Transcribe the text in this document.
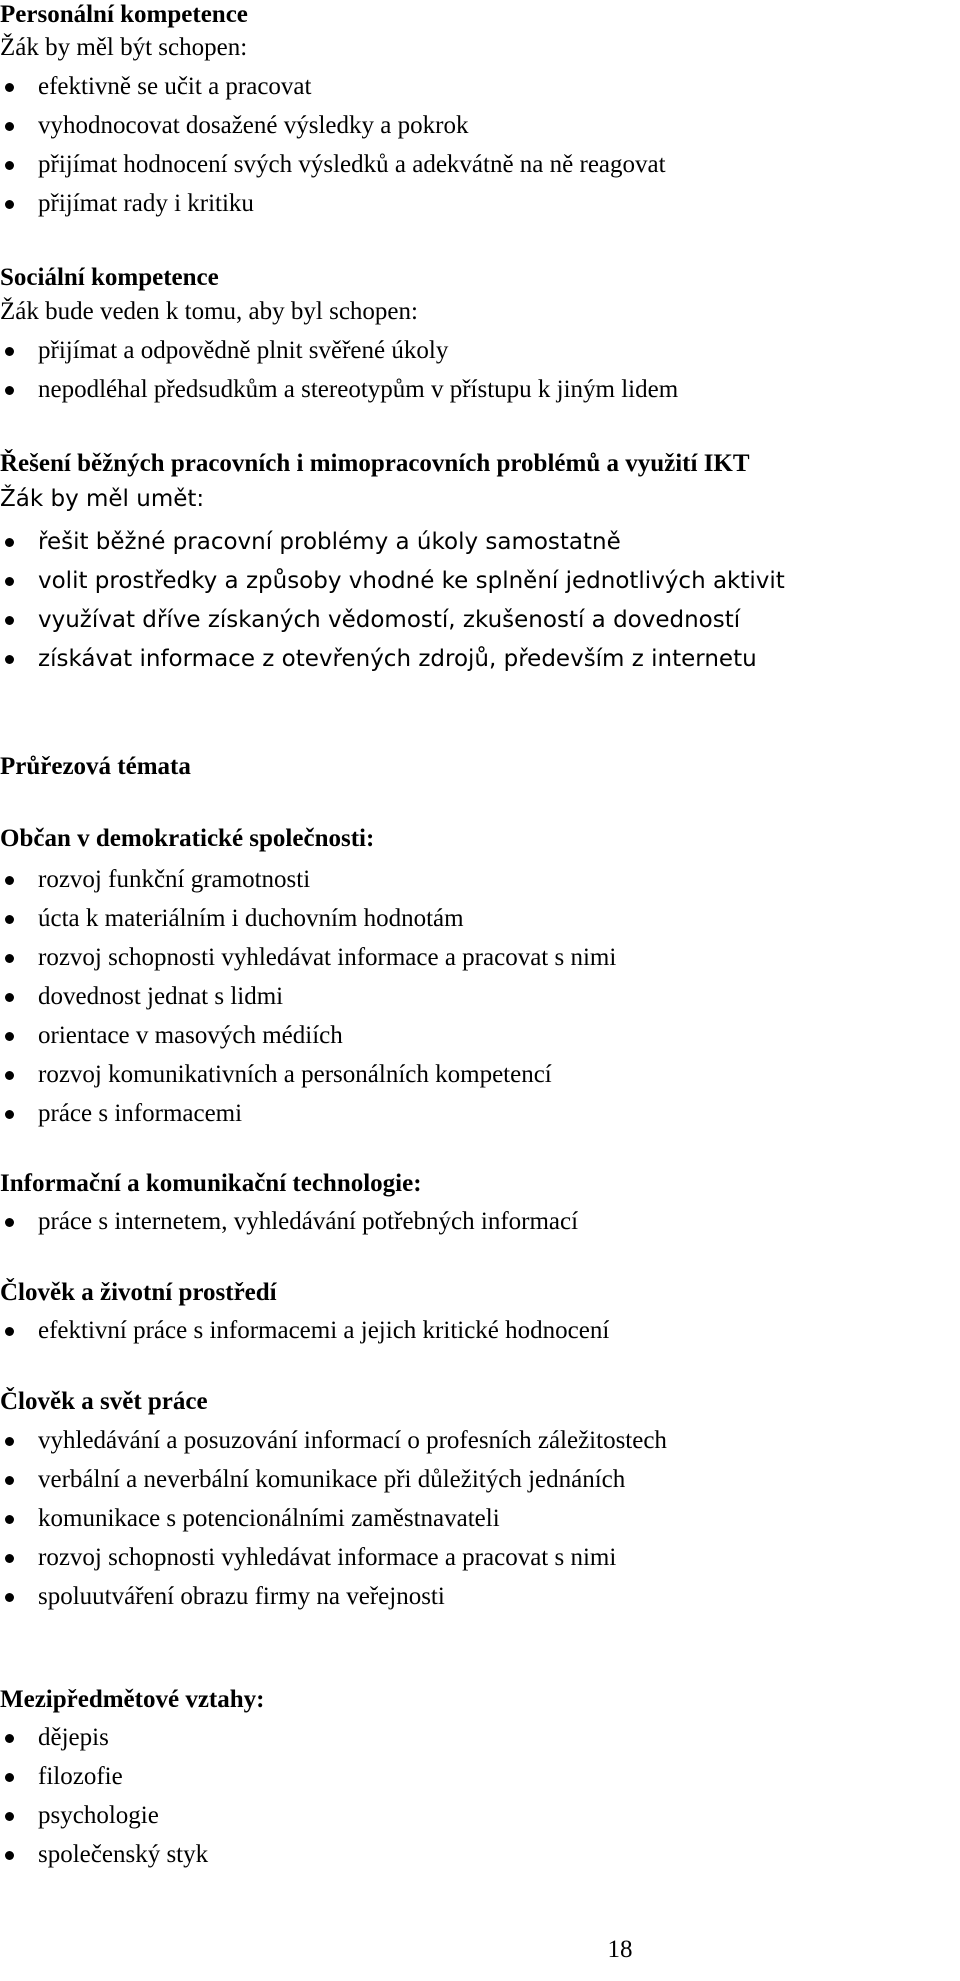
Personální kompetence
Žák by měl být schopen:
efektivně se učit a pracovat
vyhodnocovat dosažené výsledky a pokrok
přijímat hodnocení svých výsledků a adekvátně na ně reagovat
přijímat rady i kritiku
Sociální kompetence
Žák bude veden k tomu, aby byl schopen:
přijímat a odpovědně plnit svěřené úkoly
nepodléhal předsudkům a stereotypům v přístupu k jiným lidem
Řešení běžných pracovních i mimopracovních problémů a využití IKT
Žák by měl umět:
řešit běžné pracovní problémy a úkoly samostatně
volit prostředky a způsoby vhodné ke splnění jednotlivých aktivit
využívat dříve získaných vědomostí, zkušeností a dovedností
získávat informace z otevřených zdrojů, především z internetu
Průřezová témata
Občan v demokratické společnosti:
rozvoj funkční gramotnosti
úcta k materiálním i duchovním hodnotám
rozvoj schopnosti vyhledávat informace a pracovat s nimi
dovednost jednat s lidmi
orientace v masových médiích
rozvoj komunikativních a personálních kompetencí
práce s informacemi
Informační a komunikační technologie:
práce s internetem, vyhledávání potřebných informací
Člověk a životní prostředí
efektivní práce s informacemi a jejich kritické hodnocení
Člověk a svět práce
vyhledávání a posuzování informací o profesních záležitostech
verbální a neverbální komunikace při důležitých jednáních
komunikace s potencionálními zaměstnavateli
rozvoj schopnosti vyhledávat informace a pracovat s nimi
spoluutváření obrazu firmy na veřejnosti
Mezipředmětové vztahy:
dějepis
filozofie
psychologie
společenský styk
18
